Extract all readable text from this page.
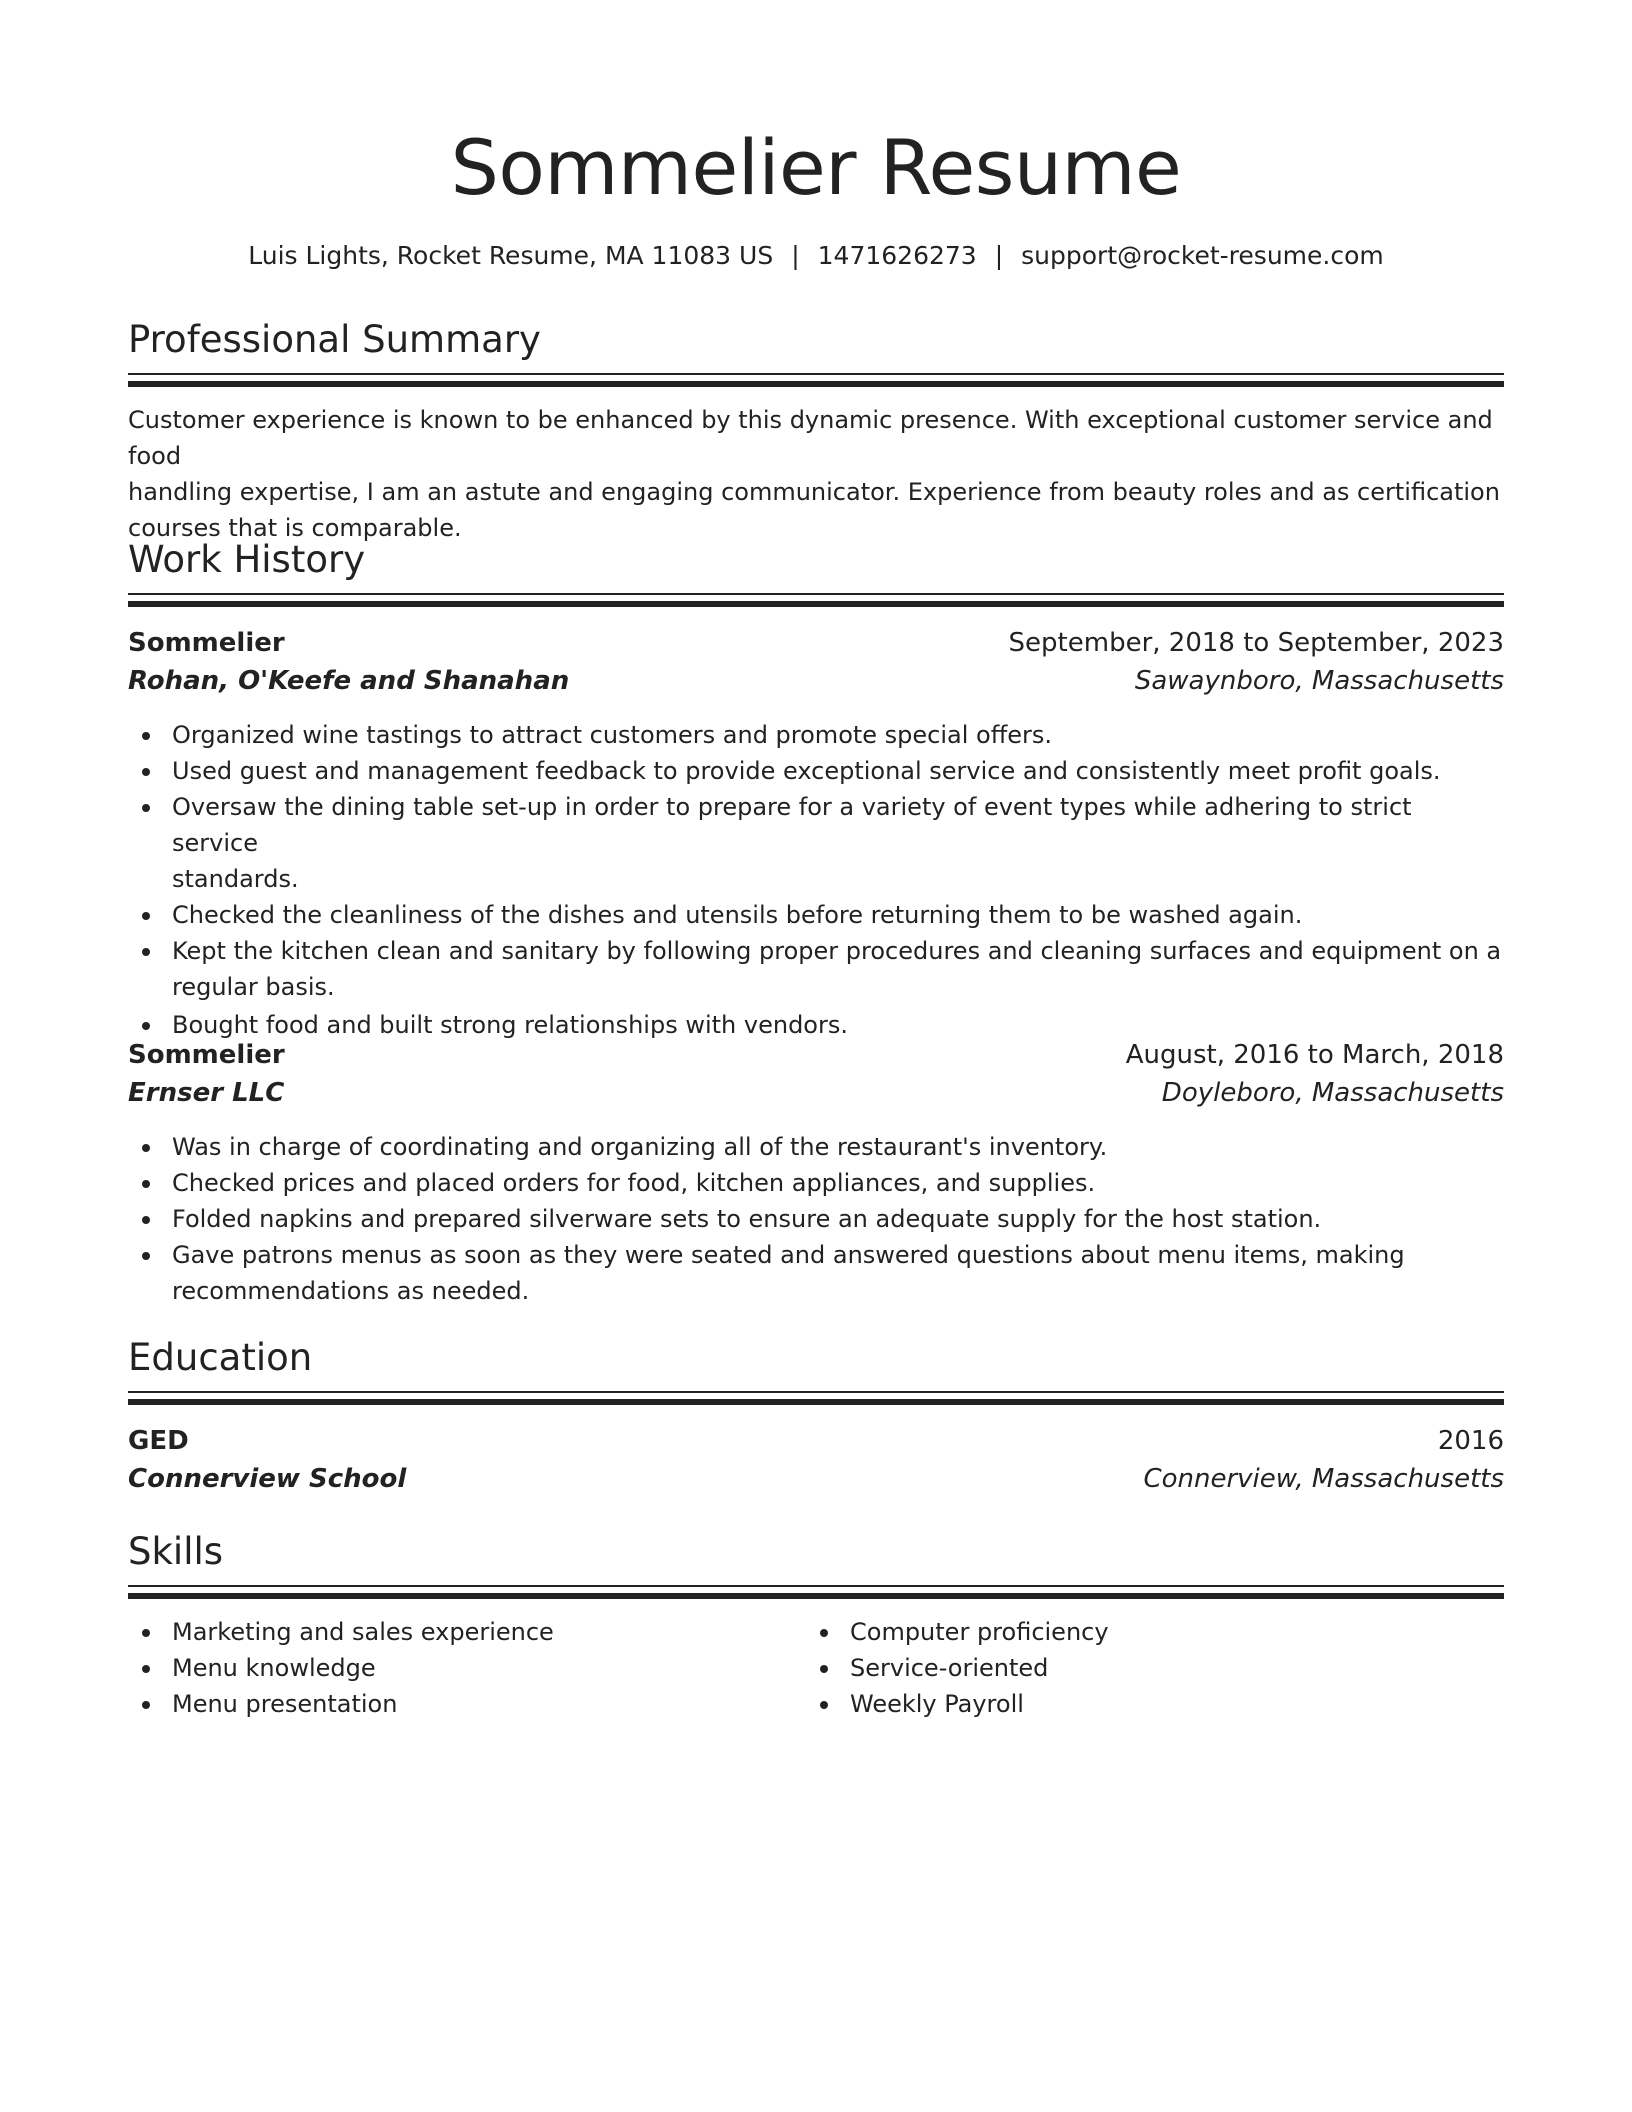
Sommelier Resume
Luis Lights, Rocket Resume, MA 11083 US | 1471626273 | support@rocket-resume.com
Professional Summary
Customer experience is known to be enhanced by this dynamic presence. With exceptional customer service and food
handling expertise, I am an astute and engaging communicator. Experience from beauty roles and as certification
courses that is comparable.
Work History
Sommelier	September, 2018 to September, 2023
Rohan, O'Keefe and Shanahan	Sawaynboro, Massachusetts
Organized wine tastings to attract customers and promote special offers.
Used guest and management feedback to provide exceptional service and consistently meet profit goals.
Oversaw the dining table set-up in order to prepare for a variety of event types while adhering to strict service
standards.
Checked the cleanliness of the dishes and utensils before returning them to be washed again.
Kept the kitchen clean and sanitary by following proper procedures and cleaning surfaces and equipment on a
regular basis.
Bought food and built strong relationships with vendors.
Sommelier	August, 2016 to March, 2018
Ernser LLC	Doyleboro, Massachusetts
Was in charge of coordinating and organizing all of the restaurant's inventory.
Checked prices and placed orders for food, kitchen appliances, and supplies.
Folded napkins and prepared silverware sets to ensure an adequate supply for the host station.
Gave patrons menus as soon as they were seated and answered questions about menu items, making
recommendations as needed.
Education
GED	2016
Connerview School	Connerview, Massachusetts
Skills
Marketing and sales experience
Menu knowledge
Menu presentation
Computer proficiency
Service-oriented
Weekly Payroll
